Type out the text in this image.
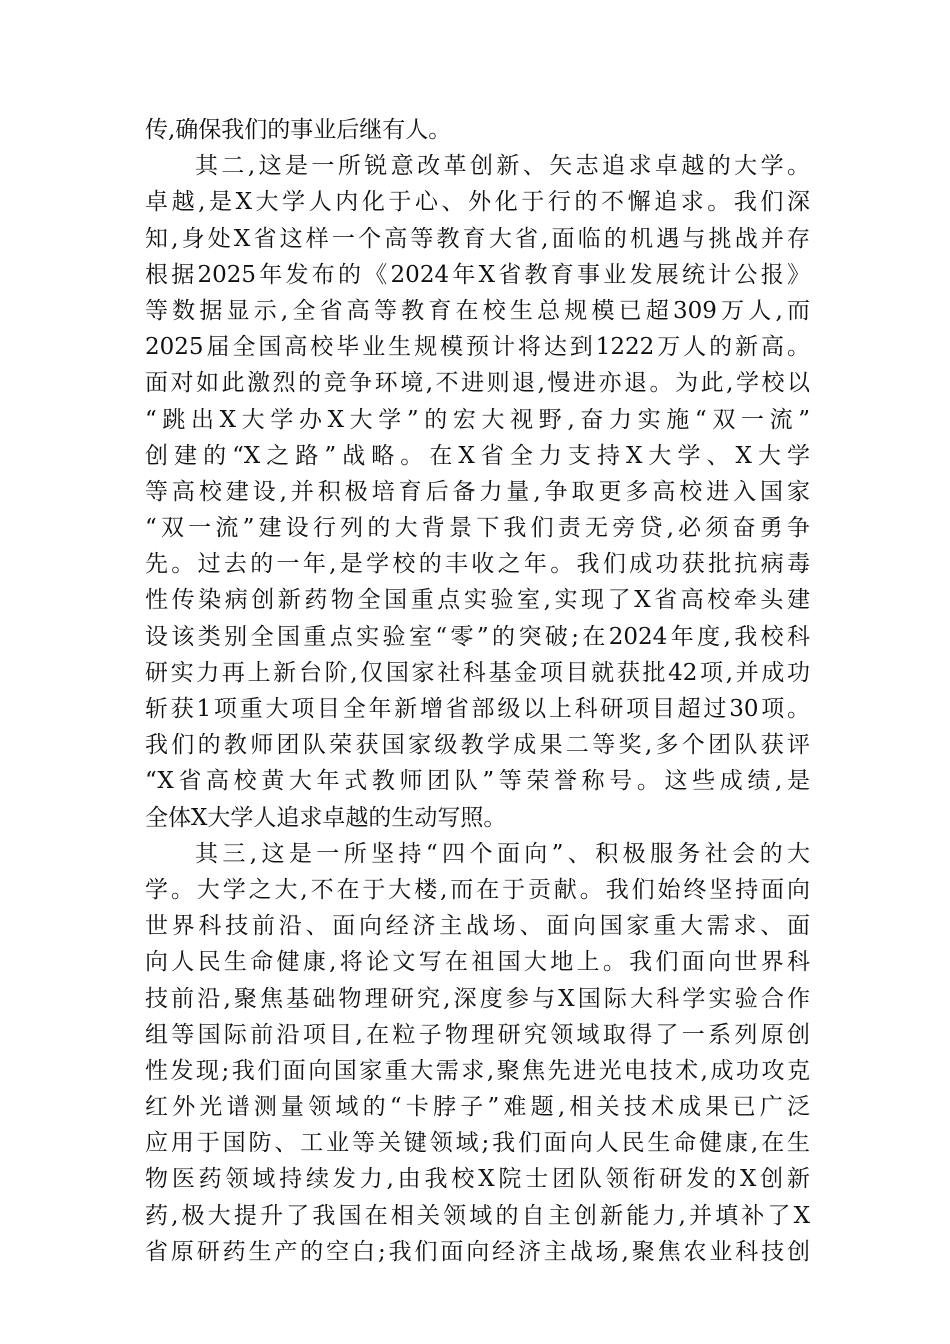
传,确保我们的事业后继有人。
其二,这是一所锐意改革创新、矢志追求卓越的大学。
卓越,是X大学人内化于心、外化于行的不懈追求。我们深
知,身处X省这样一个高等教育大省,面临的机遇与挑战并存
根据2025年发布的《2024年X省教育事业发展统计公报》
等数据显示,全省高等教育在校生总规模已超309万人,而
2025届全国高校毕业生规模预计将达到1222万人的新高。
面对如此激烈的竞争环境,不进则退,慢进亦退。为此,学校以
“跳出X大学办X大学”的宏大视野,奋力实施“双一流”
创建的“X之路”战略。在X省全力支持X大学、X大学
等高校建设,并积极培育后备力量,争取更多高校进入国家
“双一流”建设行列的大背景下我们责无旁贷,必须奋勇争
先。过去的一年,是学校的丰收之年。我们成功获批抗病毒
性传染病创新药物全国重点实验室,实现了X省高校牵头建
设该类别全国重点实验室“零”的突破;在2024年度,我校科
研实力再上新台阶,仅国家社科基金项目就获批42项,并成功
斩获1项重大项目全年新增省部级以上科研项目超过30项。
我们的教师团队荣获国家级教学成果二等奖,多个团队获评
“X省高校黄大年式教师团队”等荣誉称号。这些成绩,是
全体X大学人追求卓越的生动写照。
其三,这是一所坚持“四个面向”、积极服务社会的大
学。大学之大,不在于大楼,而在于贡献。我们始终坚持面向
世界科技前沿、面向经济主战场、面向国家重大需求、面
向人民生命健康,将论文写在祖国大地上。我们面向世界科
技前沿,聚焦基础物理研究,深度参与X国际大科学实验合作
组等国际前沿项目,在粒子物理研究领域取得了一系列原创
性发现;我们面向国家重大需求,聚焦先进光电技术,成功攻克
红外光谱测量领域的“卡脖子”难题,相关技术成果已广泛
应用于国防、工业等关键领域;我们面向人民生命健康,在生
物医药领域持续发力,由我校X院士团队领衔研发的X创新
药,极大提升了我国在相关领域的自主创新能力,并填补了X
省原研药生产的空白;我们面向经济主战场,聚焦农业科技创
